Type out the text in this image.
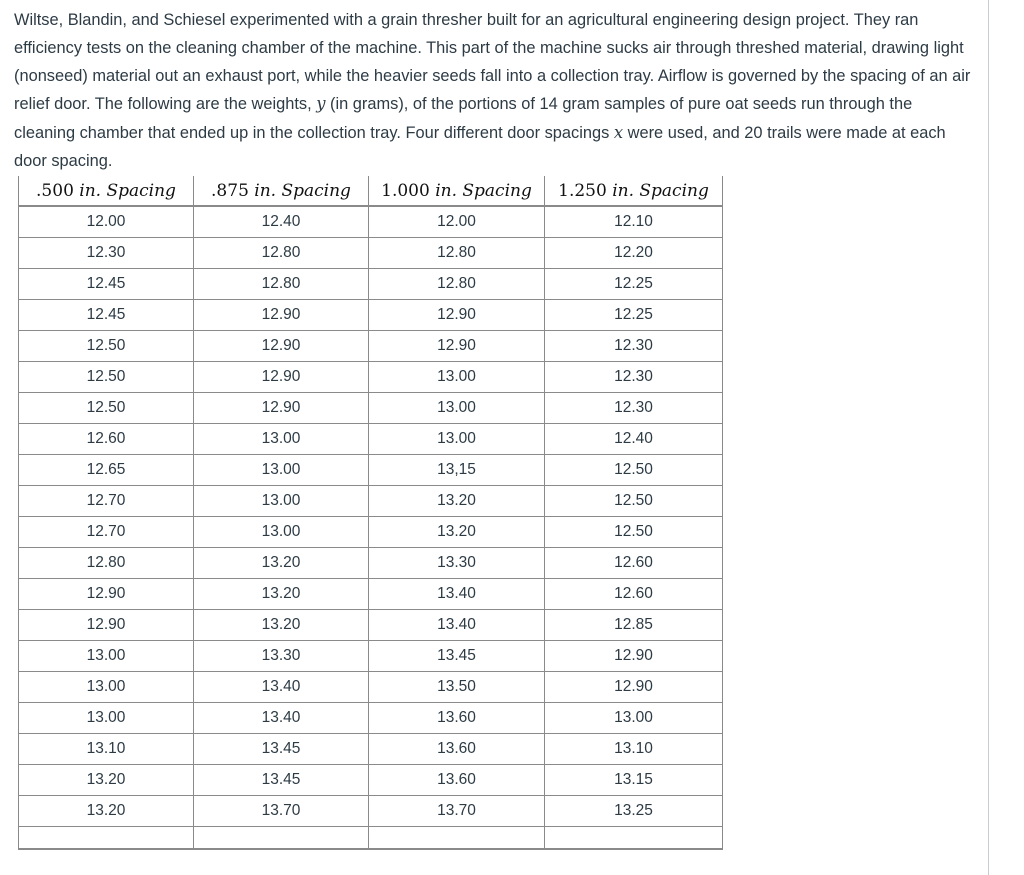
Wiltse, Blandin, and Schiesel experimented with a grain thresher built for an agricultural engineering design project. They ran efficiency tests on the cleaning chamber of the machine. This part of the machine sucks air through threshed material, drawing light (nonseed) material out an exhaust port, while the heavier seeds fall into a collection tray. Airflow is governed by the spacing of an air relief door. The following are the weights, y (in grams), of the portions of 14 gram samples of pure oat seeds run through the cleaning chamber that ended up in the collection tray. Four different door spacings x were used, and 20 trails were made at each door spacing.

.500 in. Spacing	.875 in. Spacing	1.000 in. Spacing	1.250 in. Spacing
12.00	12.40	12.00	12.10
12.30	12.80	12.80	12.20
12.45	12.80	12.80	12.25
12.45	12.90	12.90	12.25
12.50	12.90	12.90	12.30
12.50	12.90	13.00	12.30
12.50	12.90	13.00	12.30
12.60	13.00	13.00	12.40
12.65	13.00	13,15	12.50
12.70	13.00	13.20	12.50
12.70	13.00	13.20	12.50
12.80	13.20	13.30	12.60
12.90	13.20	13.40	12.60
12.90	13.20	13.40	12.85
13.00	13.30	13.45	12.90
13.00	13.40	13.50	12.90
13.00	13.40	13.60	13.00
13.10	13.45	13.60	13.10
13.20	13.45	13.60	13.15
13.20	13.70	13.70	13.25
